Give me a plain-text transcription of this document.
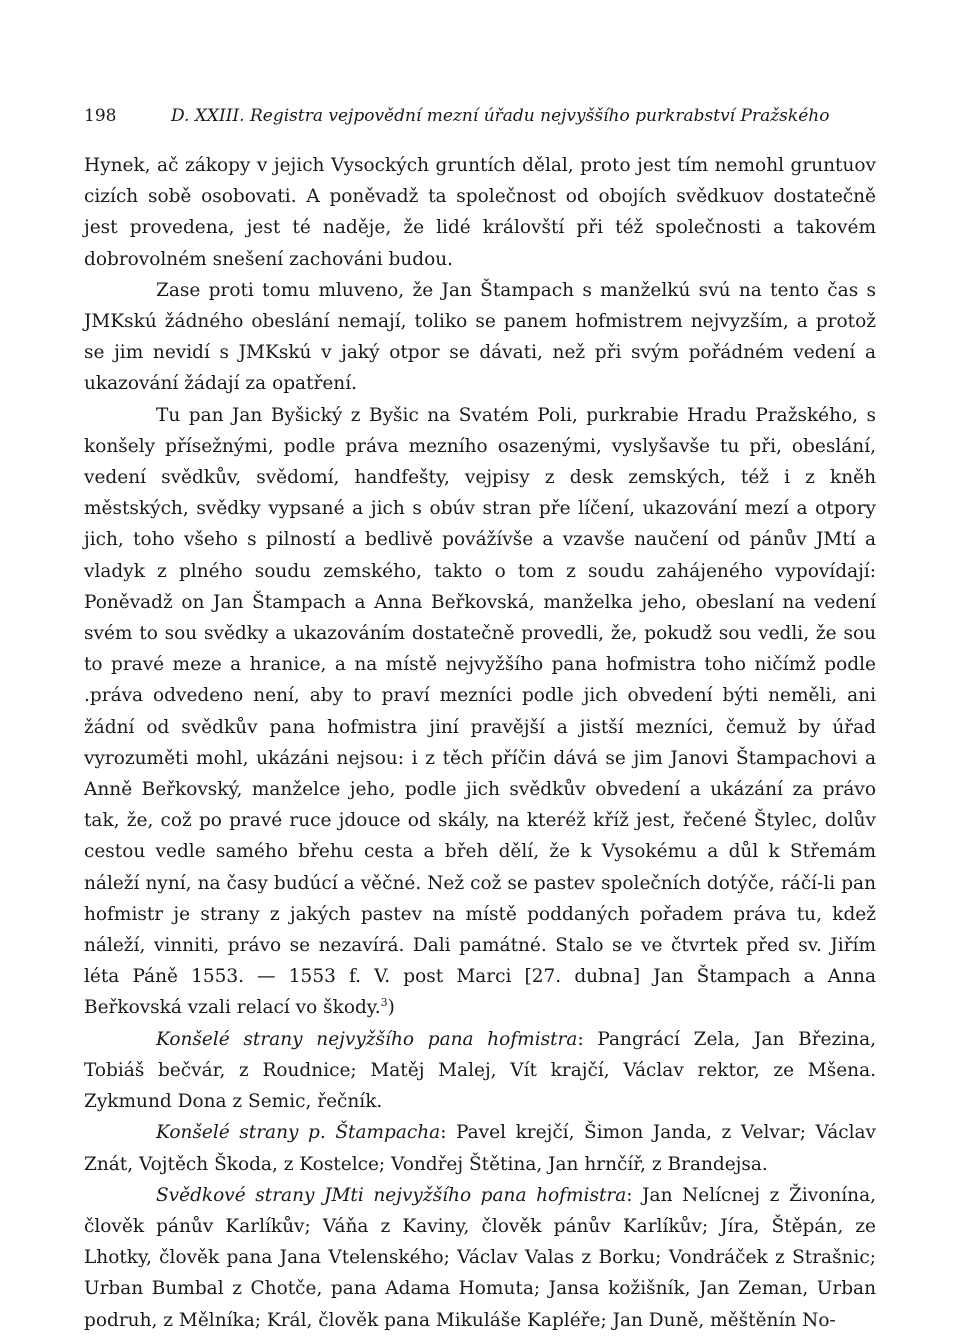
198	D. XXIII. Registra vejpovědní mezní úřadu nejvyššího purkrabství Pražského

Hynek, ač zákopy v jejich Vysockých gruntích dělal, proto jest tím nemohl gruntuov cizích sobě osobovati. A poněvadž ta společnost od obojích svědkuov dostatečně jest provedena, jest té naděje, že lidé královští při též společnosti a takovém dobrovolném snešení zachováni budou.

Zase proti tomu mluveno, že Jan Štampach s manželkú svú na tento čas s JMKskú žádného obeslání nemají, toliko se panem hofmistrem nejvyzším, a protož se jim nevidí s JMKskú v jaký otpor se dávati, než při svým pořádném vedení a ukazování žádají za opatření.

Tu pan Jan Byšický z Byšic na Svatém Poli, purkrabie Hradu Pražského, s konšely přísežnými, podle práva mezního osazenými, vyslyšavše tu při, obeslání, vedení svědkův, svědomí, handfešty, vejpisy z desk zemských, též i z kněh městských, svědky vypsané a jich s obúv stran pře líčení, ukazování mezí a otpory jich, toho všeho s pilností a bedlivě povážívše a vzavše naučení od pánův JMtí a vladyk z plného soudu zemského, takto o tom z soudu zahájeného vypovídají: Poněvadž on Jan Štampach a Anna Beřkovská, manželka jeho, obeslaní na vedení svém to sou svědky a ukazováním dostatečně provedli, že, pokudž sou vedli, že sou to pravé meze a hranice, a na místě nejvyžšího pana hofmistra toho ničímž podle .práva odvedeno není, aby to praví mezníci podle jich obvedení býti neměli, ani žádní od svědkův pana hofmistra jiní pravější a jistší mezníci, čemuž by úřad vyrozuměti mohl, ukázáni nejsou: i z těch příčin dává se jim Janovi Štampachovi a Anně Beřkovský, manželce jeho, podle jich svědkův obvedení a ukázání za právo tak, že, což po pravé ruce jdouce od skály, na kteréž kříž jest, řečené Štylec, dolův cestou vedle samého břehu cesta a břeh dělí, že k Vysokému a důl k Střemám náleží nyní, na časy budúcí a věčné. Než což se pastev společních dotýče, ráčí-li pan hofmistr je strany z jakých pastev na místě poddaných pořadem práva tu, kdež náleží, vinniti, právo se nezavírá. Dali památné. Stalo se ve čtvrtek před sv. Jiřím léta Páně 1553. — 1553 f. V. post Marci [27. dubna] Jan Štampach a Anna Beřkovská vzali relací vo škody.$^3$)

Konšelé strany nejvyžšího pana hofmistra: Pangrácí Zela, Jan Březina, Tobiáš bečvár, z Roudnice; Matěj Malej, Vít krajčí, Václav rektor, ze Mšena. Zykmund Dona z Semic, řečník.

Konšelé strany p. Štampacha: Pavel krejčí, Šimon Janda, z Velvar; Václav Znát, Vojtěch Škoda, z Kostelce; Vondřej Štětina, Jan hrnčíř, z Brandejsa.

Svědkové strany JMti nejvyžšího pana hofmistra: Jan Nelícnej z Živonína, člověk pánův Karlíkův; Váňa z Kaviny, člověk pánův Karlíkův; Jíra, Štěpán, ze Lhotky, člověk pana Jana Vtelenského; Václav Valas z Borku; Vondráček z Strašnic; Urban Bumbal z Chotče, pana Adama Homuta; Jansa kožišník, Jan Zeman, Urban podruh, z Mělníka; Král, člověk pana Mikuláše Kapléře; Jan Duně, měštěnín No-
